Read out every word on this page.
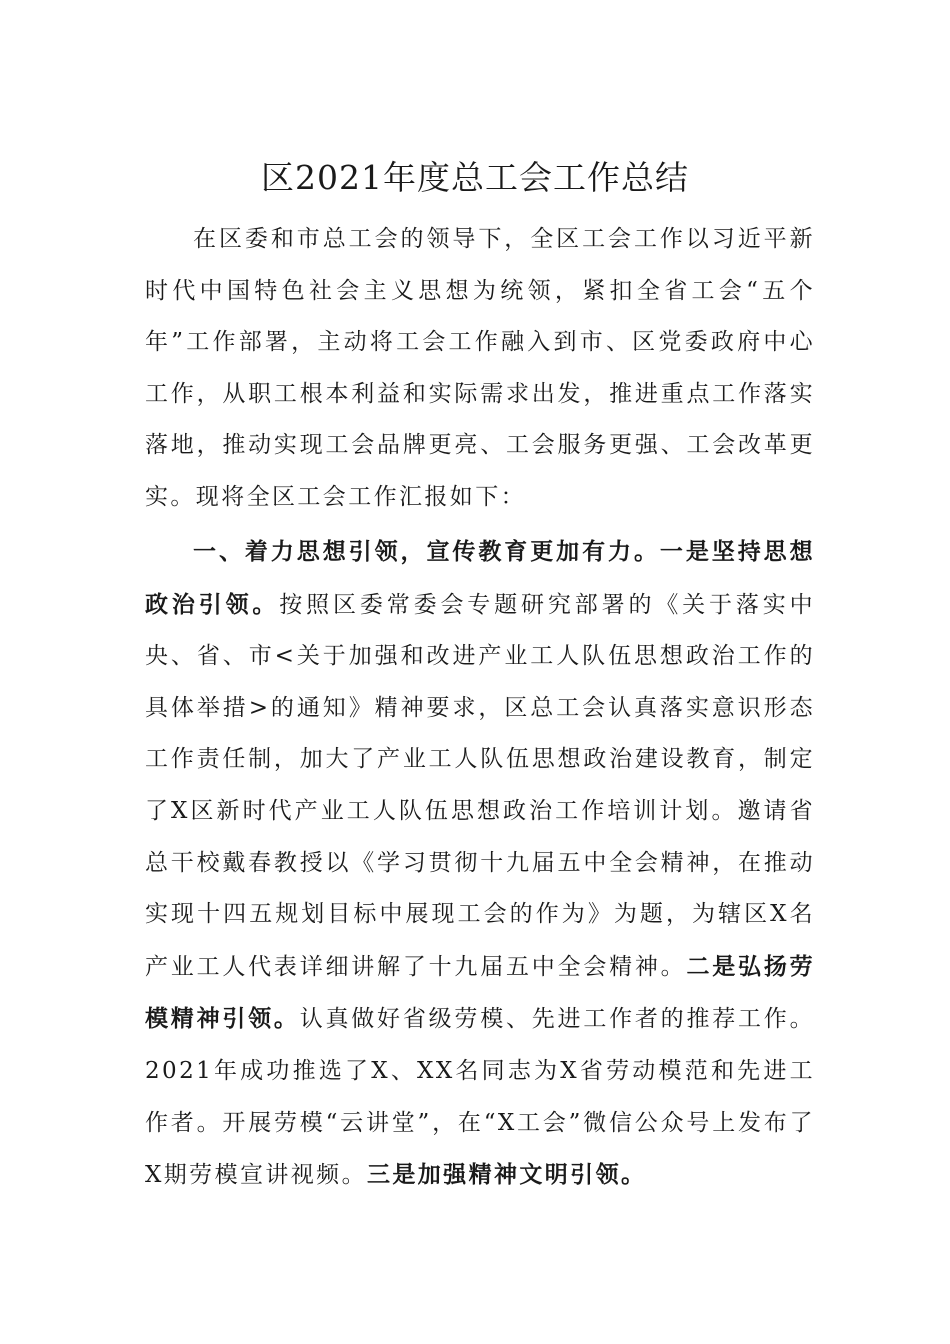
区2021年度总工会工作总结

在区委和市总工会的领导下，全区工会工作以习近平新时代中国特色社会主义思想为统领，紧扣全省工会“五个年”工作部署，主动将工会工作融入到市、区党委政府中心工作，从职工根本利益和实际需求出发，推进重点工作落实落地，推动实现工会品牌更亮、工会服务更强、工会改革更实。现将全区工会工作汇报如下：

一、着力思想引领，宣传教育更加有力。一是坚持思想政治引领。按照区委常委会专题研究部署的《关于落实中央、省、市<关于加强和改进产业工人队伍思想政治工作的具体举措>的通知》精神要求，区总工会认真落实意识形态工作责任制，加大了产业工人队伍思想政治建设教育，制定了X区新时代产业工人队伍思想政治工作培训计划。邀请省总干校戴春教授以《学习贯彻十九届五中全会精神，在推动实现十四五规划目标中展现工会的作为》为题，为辖区X名产业工人代表详细讲解了十九届五中全会精神。二是弘扬劳模精神引领。认真做好省级劳模、先进工作者的推荐工作。2021年成功推选了X、XX名同志为X省劳动模范和先进工作者。开展劳模“云讲堂”，在“X工会”微信公众号上发布了X期劳模宣讲视频。三是加强精神文明引领。
